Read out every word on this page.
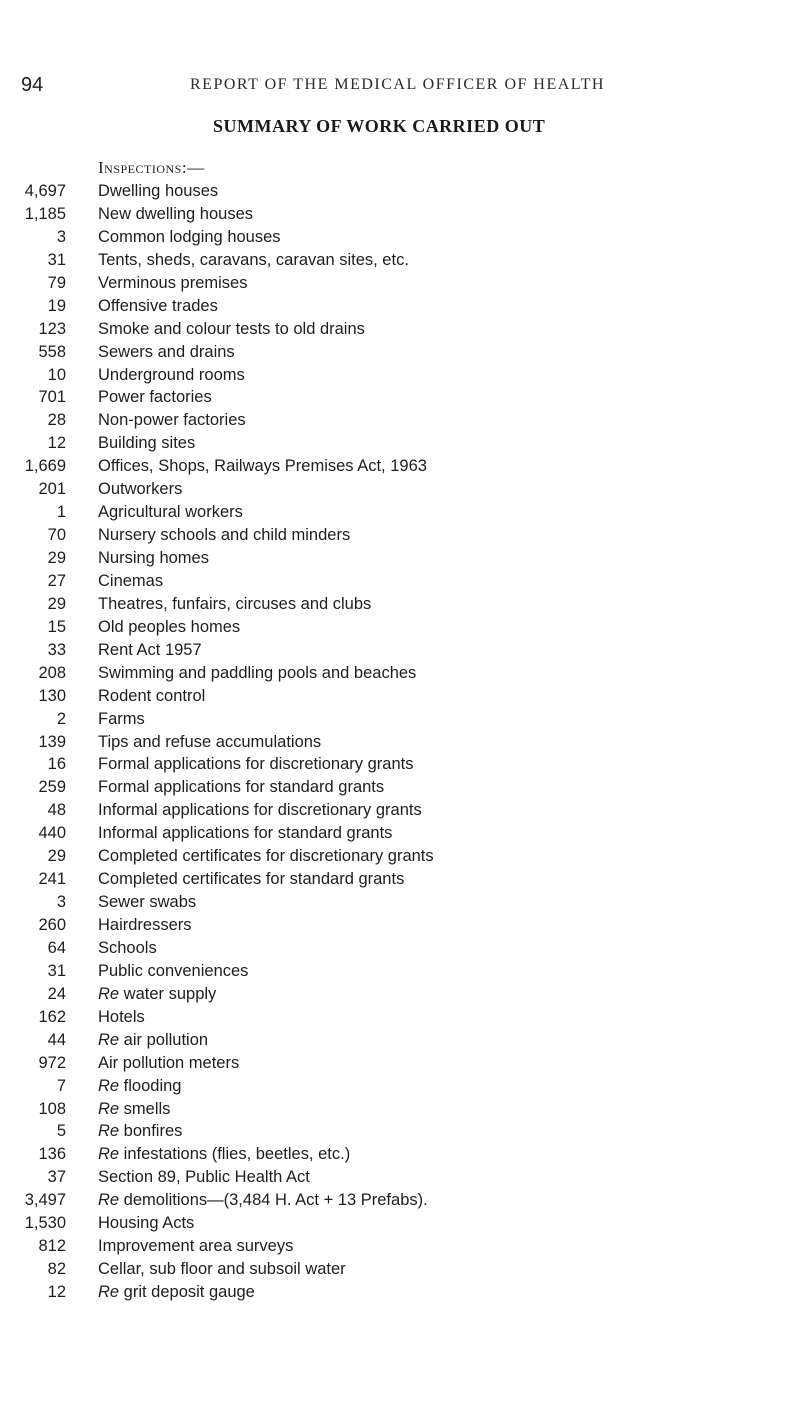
94	REPORT OF THE MEDICAL OFFICER OF HEALTH
SUMMARY OF WORK CARRIED OUT
Inspections:—
4,697 Dwelling houses
1,185 New dwelling houses
3 Common lodging houses
31 Tents, sheds, caravans, caravan sites, etc.
79 Verminous premises
19 Offensive trades
123 Smoke and colour tests to old drains
558 Sewers and drains
10 Underground rooms
701 Power factories
28 Non-power factories
12 Building sites
1,669 Offices, Shops, Railways Premises Act, 1963
201 Outworkers
1 Agricultural workers
70 Nursery schools and child minders
29 Nursing homes
27 Cinemas
29 Theatres, funfairs, circuses and clubs
15 Old peoples homes
33 Rent Act 1957
208 Swimming and paddling pools and beaches
130 Rodent control
2 Farms
139 Tips and refuse accumulations
16 Formal applications for discretionary grants
259 Formal applications for standard grants
48 Informal applications for discretionary grants
440 Informal applications for standard grants
29 Completed certificates for discretionary grants
241 Completed certificates for standard grants
3 Sewer swabs
260 Hairdressers
64 Schools
31 Public conveniences
24 Re water supply
162 Hotels
44 Re air pollution
972 Air pollution meters
7 Re flooding
108 Re smells
5 Re bonfires
136 Re infestations (flies, beetles, etc.)
37 Section 89, Public Health Act
3,497 Re demolitions—(3,484 H. Act + 13 Prefabs).
1,530 Housing Acts
812 Improvement area surveys
82 Cellar, sub floor and subsoil water
12 Re grit deposit gauge
